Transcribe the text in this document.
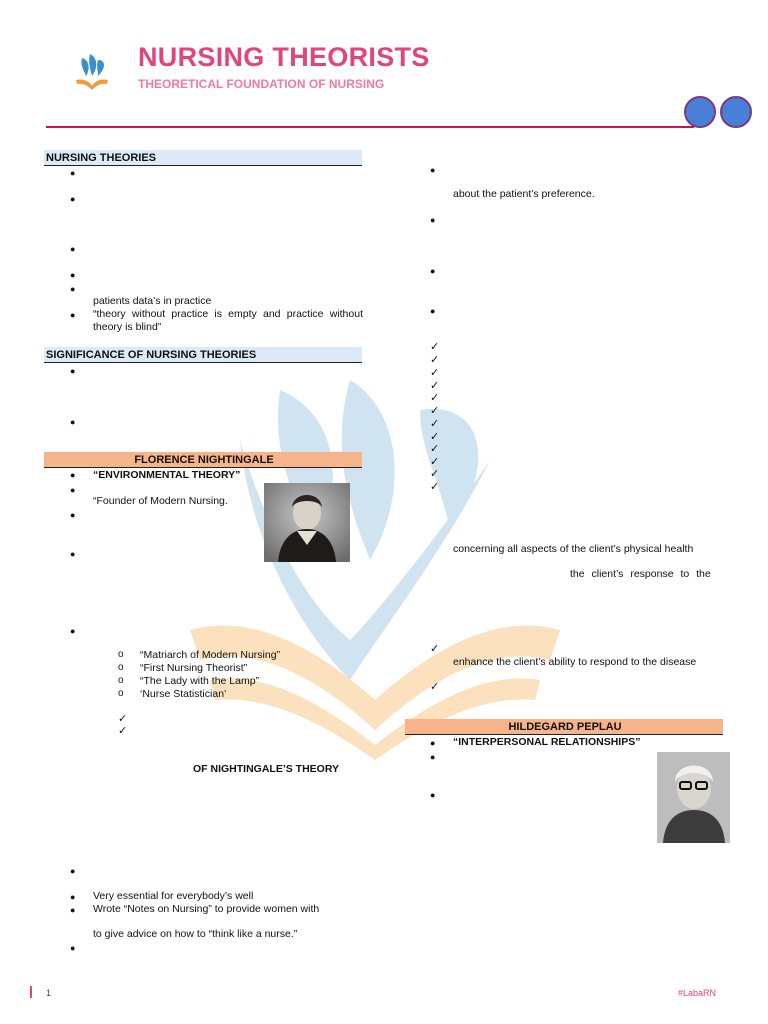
NURSING THEORISTS
THEORETICAL FOUNDATION OF NURSING
NURSING THEORIES
●
●
●
●
●
patients data’s in practice
● “theory without practice is empty and practice without theory is blind”
SIGNIFICANCE OF NURSING THEORIES
●
●
FLORENCE NIGHTINGALE
● “ENVIRONMENTAL THEORY”
●
“Founder of Modern Nursing.
●
●
●
o “Matriarch of Modern Nursing”
o “First Nursing Theorist”
o “The Lady with the Lamp”
o ‘Nurse Statistician’
✓
✓
OF NIGHTINGALE’S THEORY
●
● Very essential for everybody’s well
● Wrote “Notes on Nursing” to provide women with
to give advice on how to “think like a nurse.”
●
●
about the patient’s preference.
●
●
●
✓
✓
✓
✓
✓
✓
✓
✓
✓
✓
✓
✓
concerning all aspects of the client’s physical health
the client’s response to the
✓
enhance the client’s ability to respond to the disease
✓
HILDEGARD PEPLAU
● “INTERPERSONAL RELATIONSHIPS”
●
●
1	#LabaRN
